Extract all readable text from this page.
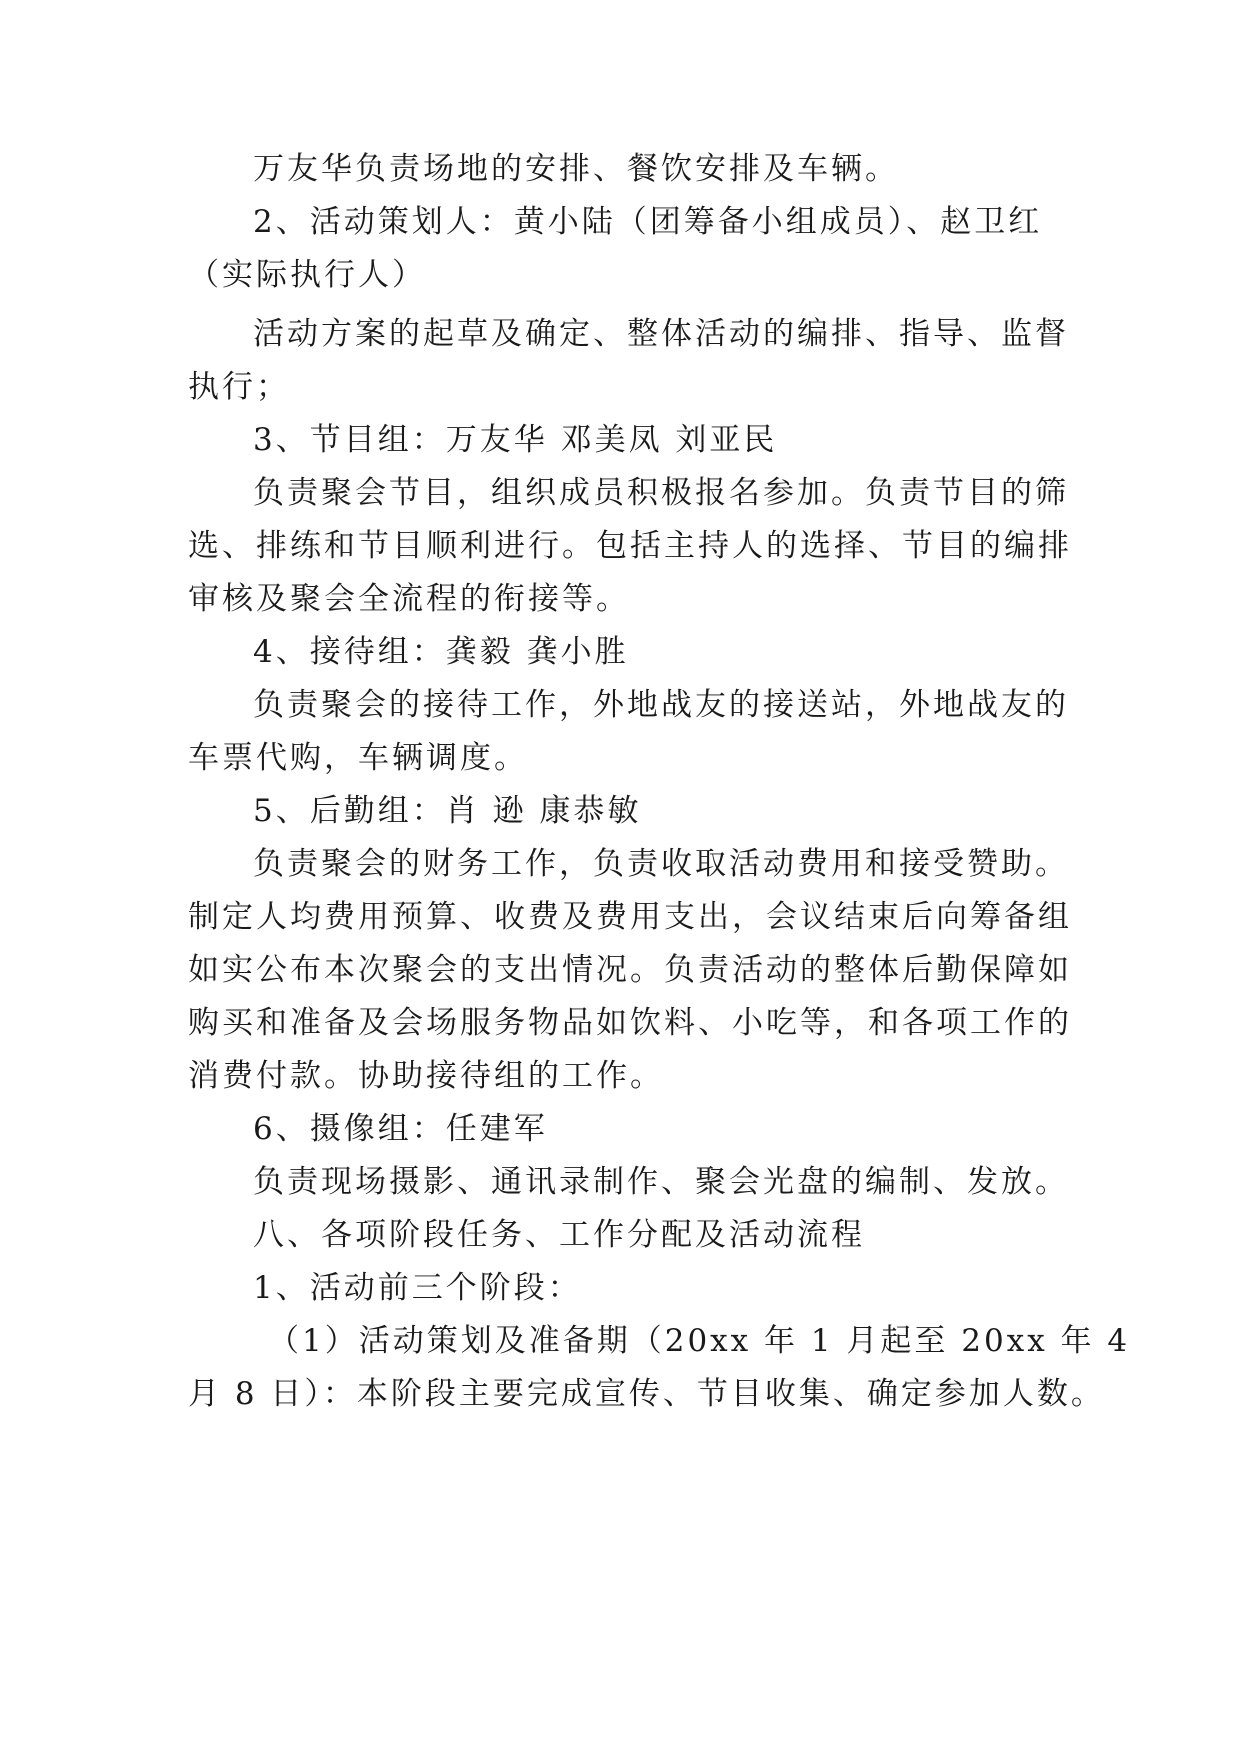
万友华负责场地的安排、餐饮安排及车辆。
2、活动策划人：黄小陆（团筹备小组成员）、赵卫红
（实际执行人）
活动方案的起草及确定、整体活动的编排、指导、监督
执行；
3、节目组：万友华 邓美凤 刘亚民
负责聚会节目，组织成员积极报名参加。负责节目的筛
选、排练和节目顺利进行。包括主持人的选择、节目的编排
审核及聚会全流程的衔接等。
4、接待组：龚毅 龚小胜
负责聚会的接待工作，外地战友的接送站，外地战友的
车票代购，车辆调度。
5、后勤组：肖 逊 康恭敏
负责聚会的财务工作，负责收取活动费用和接受赞助。
制定人均费用预算、收费及费用支出，会议结束后向筹备组
如实公布本次聚会的支出情况。负责活动的整体后勤保障如
购买和准备及会场服务物品如饮料、小吃等，和各项工作的
消费付款。协助接待组的工作。
6、摄像组：任建军
负责现场摄影、通讯录制作、聚会光盘的编制、发放。
八、各项阶段任务、工作分配及活动流程
1、活动前三个阶段：
（1）活动策划及准备期（20xx 年 1 月起至 20xx 年 4
月 8 日）：本阶段主要完成宣传、节目收集、确定参加人数。
